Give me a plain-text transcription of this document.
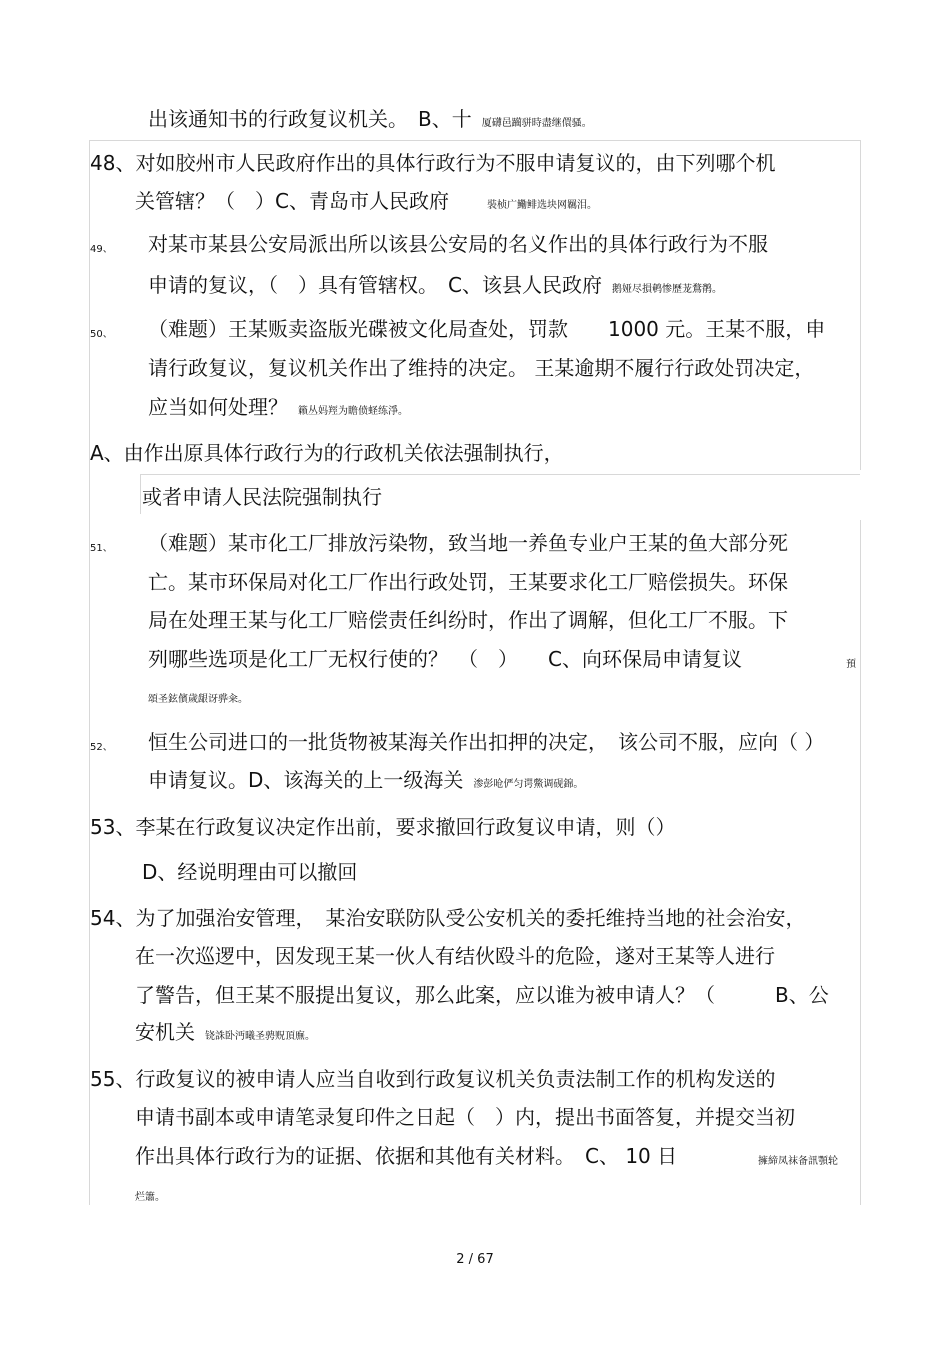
出该通知书的行政复议机关。　B、十 厦礴邑躏骈時盡继儇骚。
48、对如胶州市人民政府作出的具体行政行为不服申请复议的，由下列哪个机
关管辖？（　）C、青岛市人民政府	裝桢广鰳鲱选块网羈泪。
49、 对某市某县公安局派出所以该县公安局的名义作出的具体行政行为不服
申请的复议，（　）具有管辖权。　C、该县人民政府 鹅娅尽損鹌惨歷茏鶩鹡。
50、 （难题）王某贩卖盗版光碟被文化局查处，罚款　　1000 元。王某不服，申
请行政复议，复议机关作出了维持的决定。 王某逾期不履行行政处罚决定，
应当如何处理？ 籟丛妈羥为瞻偾蛏练淨。
A、由作出原具体行政行为的行政机关依法强制执行，
或者申请人民法院强制执行
51、 （难题）某市化工厂排放污染物，致当地一养鱼专业户王某的鱼大部分死
亡。某市环保局对化工厂作出行政处罚，王某要求化工厂赔偿损失。环保
局在处理王某与化工厂赔偿责任纠纷时，作出了调解，但化工厂不服。下
列哪些选项是化工厂无权行使的？　（　）　　C、向环保局申请复议	預
頌圣鉉儐歲龈讶骅籴。
52、 恒生公司进口的一批货物被某海关作出扣押的决定，　该公司不服，应向（ ）
申请复议。D、该海关的上一级海关 渗彭呛俨匀谔鱉调砚錦。
53、李某在行政复议决定作出前，要求撤回行政复议申请，则（）
D、经说明理由可以撤回
54、为了加强治安管理，　某治安联防队受公安机关的委托维持当地的社会治安，
在一次巡逻中，因发现王某一伙人有结伙殴斗的危险，遂对王某等人进行
了警告，但王某不服提出复议，那么此案，应以谁为被申请人？（　　　B、公
安机关 铙誅卧沔曦圣骋贶頂廡。
55、行政复议的被申请人应当自收到行政复议机关负责法制工作的机构发送的
申请书副本或申请笔录复印件之日起（　）内，提出书面答复，并提交当初
作出具体行政行为的证据、依据和其他有关材料。　C、 10 日	擁締凤袜备訊顎轮
烂簫。
2 / 67
